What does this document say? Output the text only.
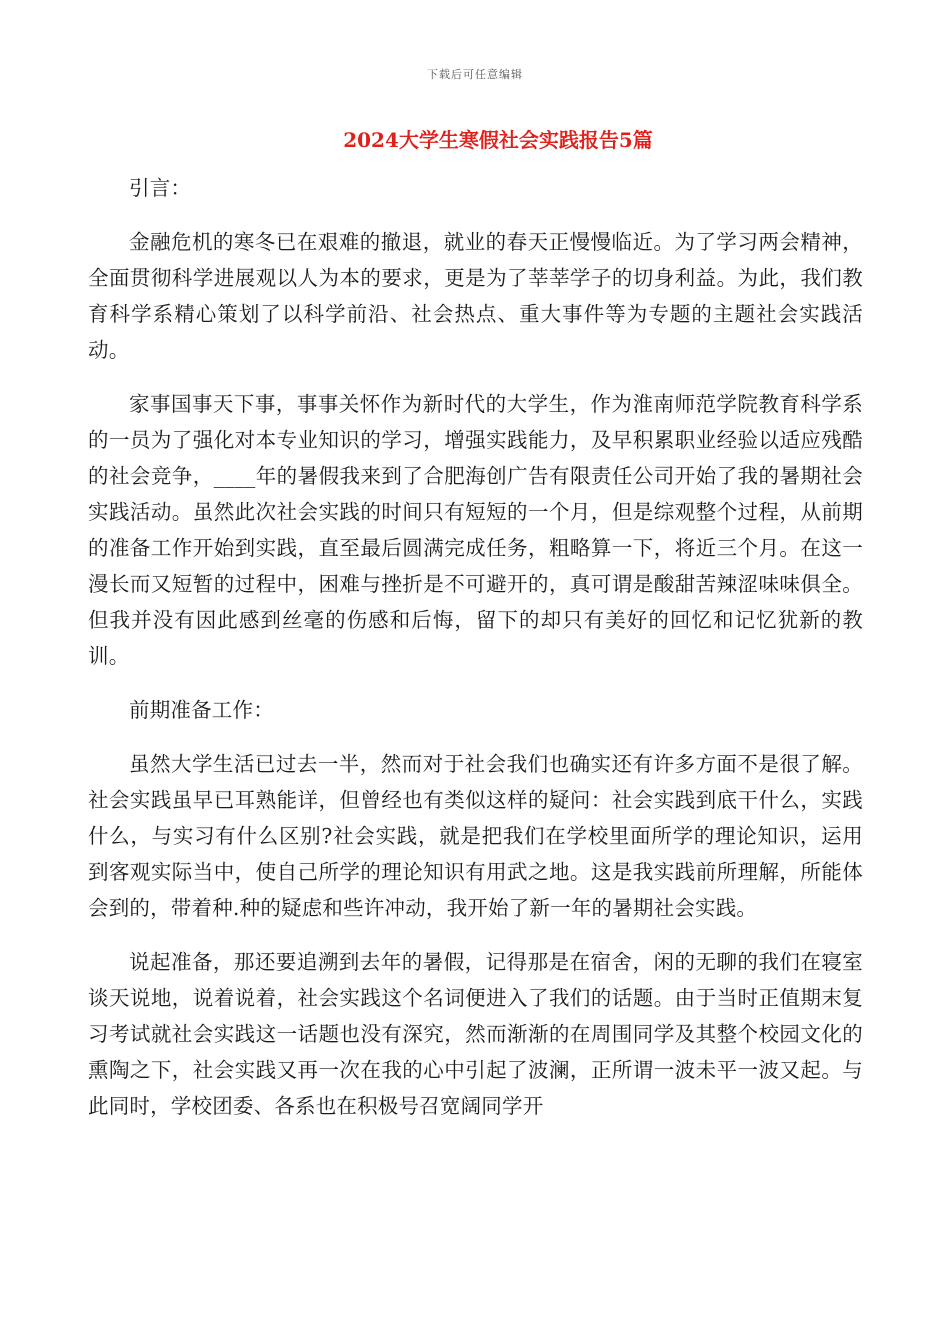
下载后可任意编辑
2024大学生寒假社会实践报告5篇

引言：

金融危机的寒冬已在艰难的撤退，就业的春天正慢慢临近。为了学习两会精神，全面贯彻科学进展观以人为本的要求，更是为了莘莘学子的切身利益。为此，我们教育科学系精心策划了以科学前沿、社会热点、重大事件等为专题的主题社会实践活动。

家事国事天下事，事事关怀作为新时代的大学生，作为淮南师范学院教育科学系的一员为了强化对本专业知识的学习，增强实践能力，及早积累职业经验以适应残酷的社会竞争，____年的暑假我来到了合肥海创广告有限责任公司开始了我的暑期社会实践活动。虽然此次社会实践的时间只有短短的一个月，但是综观整个过程，从前期的准备工作开始到实践，直至最后圆满完成任务，粗略算一下，将近三个月。在这一漫长而又短暂的过程中，困难与挫折是不可避开的，真可谓是酸甜苦辣涩味味俱全。但我并没有因此感到丝毫的伤感和后悔，留下的却只有美好的回忆和记忆犹新的教训。

前期准备工作：

虽然大学生活已过去一半，然而对于社会我们也确实还有许多方面不是很了解。社会实践虽早已耳熟能详，但曾经也有类似这样的疑问：社会实践到底干什么，实践什么，与实习有什么区别?社会实践，就是把我们在学校里面所学的理论知识，运用到客观实际当中，使自己所学的理论知识有用武之地。这是我实践前所理解，所能体会到的，带着种.种的疑虑和些许冲动，我开始了新一年的暑期社会实践。

说起准备，那还要追溯到去年的暑假，记得那是在宿舍，闲的无聊的我们在寝室谈天说地，说着说着，社会实践这个名词便进入了我们的话题。由于当时正值期末复习考试就社会实践这一话题也没有深究，然而渐渐的在周围同学及其整个校园文化的熏陶之下，社会实践又再一次在我的心中引起了波澜，正所谓一波未平一波又起。与此同时，学校团委、各系也在积极号召宽阔同学开
